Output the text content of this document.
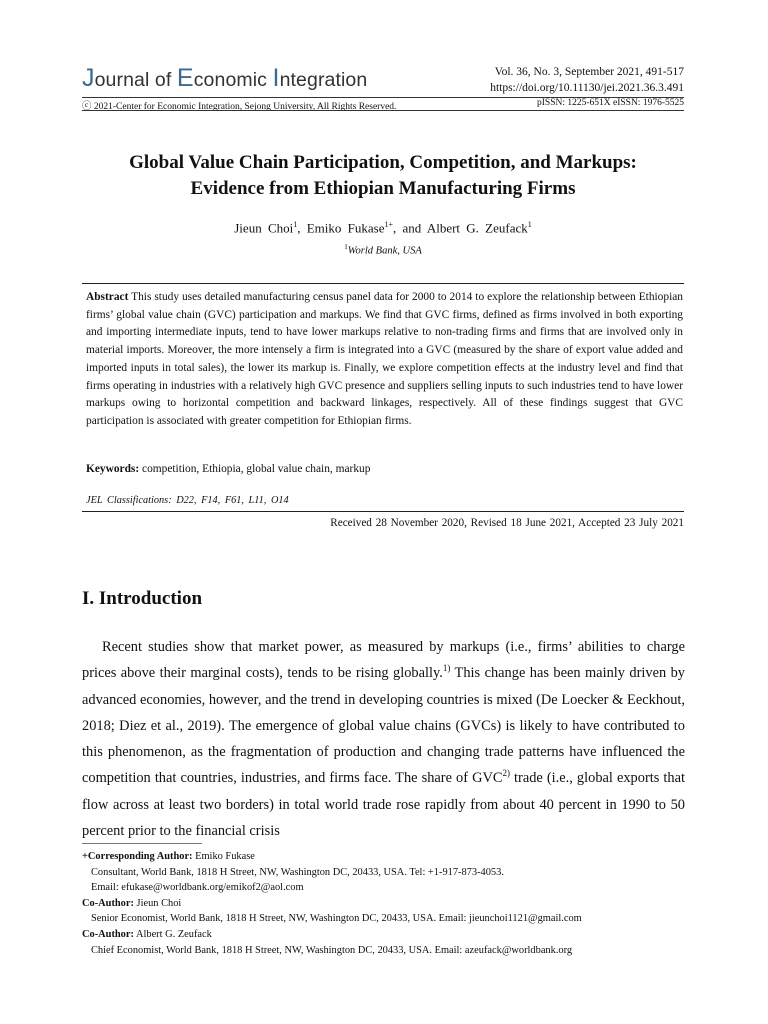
Journal of Economic Integration	Vol. 36, No. 3, September 2021, 491-517
https://doi.org/10.11130/jei.2021.36.3.491
ⓒ 2021-Center for Economic Integration, Sejong University, All Rights Reserved.	pISSN: 1225-651X eISSN: 1976-5525
Global Value Chain Participation, Competition, and Markups:
Evidence from Ethiopian Manufacturing Firms
Jieun Choi$^1$, Emiko Fukase$^{1+}$, and Albert G. Zeufack$^1$
$^1$World Bank, USA
Abstract This study uses detailed manufacturing census panel data for 2000 to 2014 to explore the relationship between Ethiopian firms’ global value chain (GVC) participation and markups. We find that GVC firms, defined as firms involved in both exporting and importing intermediate inputs, tend to have lower markups relative to non-trading firms and firms that are involved only in material imports. Moreover, the more intensely a firm is integrated into a GVC (measured by the share of export value added and imported inputs in total sales), the lower its markup is. Finally, we explore competition effects at the industry level and find that firms operating in industries with a relatively high GVC presence and suppliers selling inputs to such industries tend to have lower markups owing to horizontal competition and backward linkages, respectively. All of these findings suggest that GVC participation is associated with greater competition for Ethiopian firms.
Keywords: competition, Ethiopia, global value chain, markup
JEL Classifications: D22, F14, F61, L11, O14
Received 28 November 2020, Revised 18 June 2021, Accepted 23 July 2021
I. Introduction
Recent studies show that market power, as measured by markups (i.e., firms’ abilities to charge prices above their marginal costs), tends to be rising globally.$^{1)}$ This change has been mainly driven by advanced economies, however, and the trend in developing countries is mixed (De Loecker & Eeckhout, 2018; Diez et al., 2019). The emergence of global value chains (GVCs) is likely to have contributed to this phenomenon, as the fragmentation of production and changing trade patterns have influenced the competition that countries, industries, and firms face. The share of GVC$^{2)}$ trade (i.e., global exports that flow across at least two borders) in total world trade rose rapidly from about 40 percent in 1990 to 50 percent prior to the financial crisis
+Corresponding Author: Emiko Fukase
Consultant, World Bank, 1818 H Street, NW, Washington DC, 20433, USA. Tel: +1-917-873-4053.
Email: efukase@worldbank.org/emikof2@aol.com
Co-Author: Jieun Choi
Senior Economist, World Bank, 1818 H Street, NW, Washington DC, 20433, USA. Email: jieunchoi1121@gmail.com
Co-Author: Albert G. Zeufack
Chief Economist, World Bank, 1818 H Street, NW, Washington DC, 20433, USA. Email: azeufack@worldbank.org
